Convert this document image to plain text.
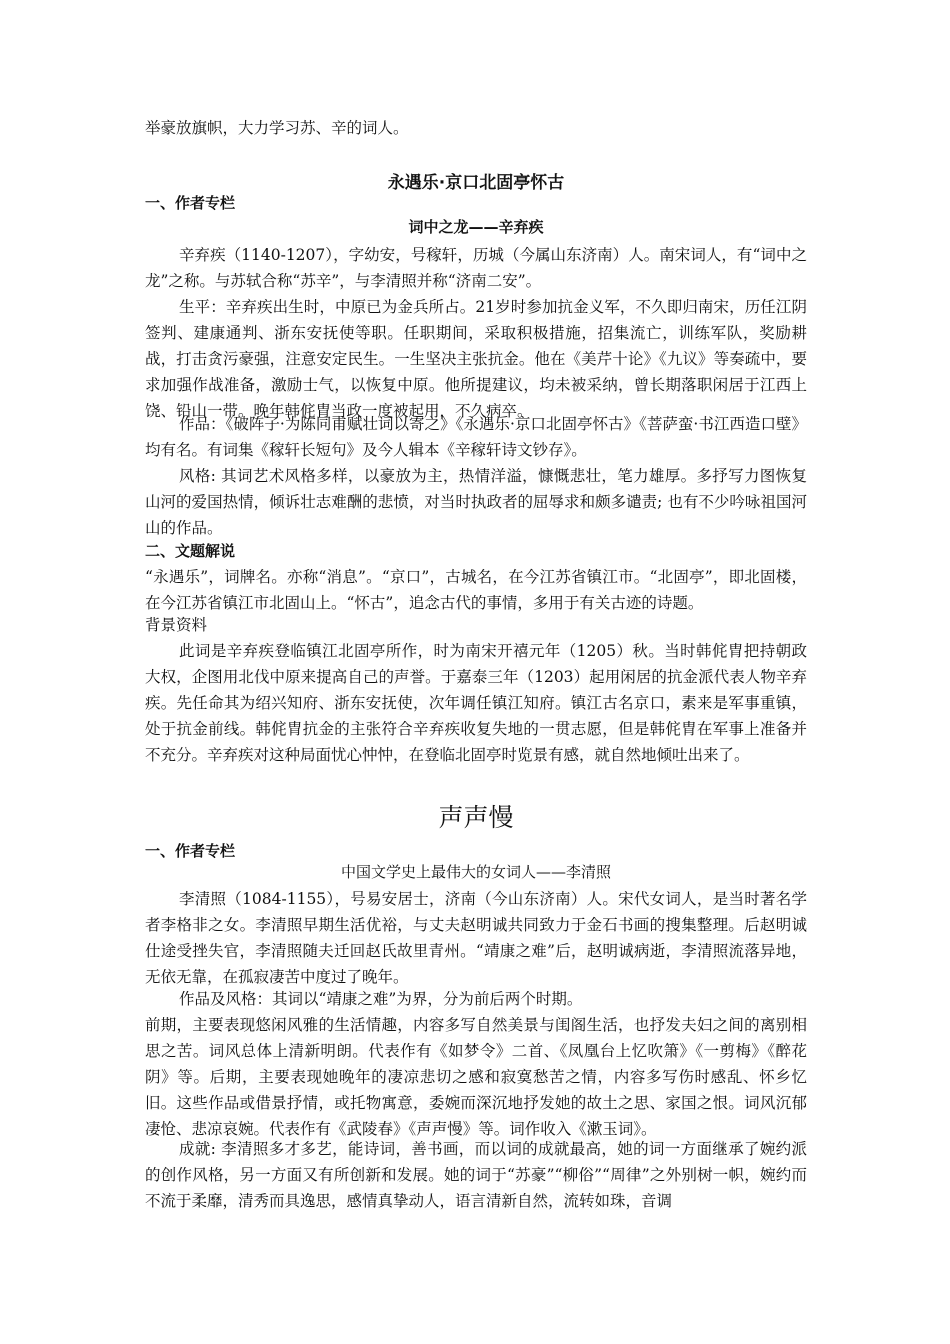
举豪放旗帜，大力学习苏、辛的词人。

永遇乐·京口北固亭怀古

一、作者专栏

词中之龙——辛弃疾

辛弃疾（1140-1207），字幼安，号稼轩，历城（今属山东济南）人。南宋词人，有“词中之龙”之称。与苏轼合称“苏辛”，与李清照并称“济南二安”。

生平：辛弃疾出生时，中原已为金兵所占。21岁时参加抗金义军，不久即归南宋，历任江阴签判、建康通判、浙东安抚使等职。任职期间，采取积极措施，招集流亡，训练军队，奖励耕战，打击贪污豪强，注意安定民生。一生坚决主张抗金。他在《美芹十论》《九议》等奏疏中，要求加强作战准备，激励士气，以恢复中原。他所提建议，均未被采纳，曾长期落职闲居于江西上饶、铅山一带。晚年韩侂胄当政一度被起用，不久病卒。

作品：《破阵子·为陈同甫赋壮词以寄之》《永遇乐·京口北固亭怀古》《菩萨蛮·书江西造口壁》均有名。有词集《稼轩长短句》及今人辑本《辛稼轩诗文钞存》。

风格: 其词艺术风格多样，以豪放为主，热情洋溢，慷慨悲壮，笔力雄厚。多抒写力图恢复山河的爱国热情，倾诉壮志难酬的悲愤，对当时执政者的屈辱求和颇多谴责; 也有不少吟咏祖国河山的作品。

二、文题解说

“永遇乐”，词牌名。亦称“消息”。“京口”，古城名，在今江苏省镇江市。“北固亭”，即北固楼，在今江苏省镇江市北固山上。“怀古”，追念古代的事情，多用于有关古迹的诗题。

背景资料

此词是辛弃疾登临镇江北固亭所作，时为南宋开禧元年（1205）秋。当时韩侂胄把持朝政大权，企图用北伐中原来提高自己的声誉。于嘉泰三年（1203）起用闲居的抗金派代表人物辛弃疾。先任命其为绍兴知府、浙东安抚使，次年调任镇江知府。镇江古名京口，素来是军事重镇，处于抗金前线。韩侂胄抗金的主张符合辛弃疾收复失地的一贯志愿，但是韩侂胄在军事上准备并不充分。辛弃疾对这种局面忧心忡忡，在登临北固亭时览景有感，就自然地倾吐出来了。

声声慢

一、作者专栏

中国文学史上最伟大的女词人——李清照

李清照（1084-1155），号易安居士，济南（今山东济南）人。宋代女词人，是当时著名学者李格非之女。李清照早期生活优裕，与丈夫赵明诚共同致力于金石书画的搜集整理。后赵明诚仕途受挫失官，李清照随夫迁回赵氏故里青州。“靖康之难”后，赵明诚病逝，李清照流落异地，无依无靠，在孤寂凄苦中度过了晚年。

作品及风格：其词以“靖康之难”为界，分为前后两个时期。

前期，主要表现悠闲风雅的生活情趣，内容多写自然美景与闺阁生活，也抒发夫妇之间的离别相思之苦。词风总体上清新明朗。代表作有《如梦令》二首、《凤凰台上忆吹箫》《一剪梅》《醉花阴》等。后期，主要表现她晚年的凄凉悲切之感和寂寞愁苦之情，内容多写伤时感乱、怀乡忆旧。这些作品或借景抒情，或托物寓意，委婉而深沉地抒发她的故土之思、家国之恨。词风沉郁凄怆、悲凉哀婉。代表作有《武陵春》《声声慢》等。词作收入《漱玉词》。

成就: 李清照多才多艺，能诗词，善书画，而以词的成就最高，她的词一方面继承了婉约派的创作风格，另一方面又有所创新和发展。她的词于“苏豪”“柳俗”“周律”之外别树一帜，婉约而不流于柔靡，清秀而具逸思，感情真挚动人，语言清新自然，流转如珠，音调
